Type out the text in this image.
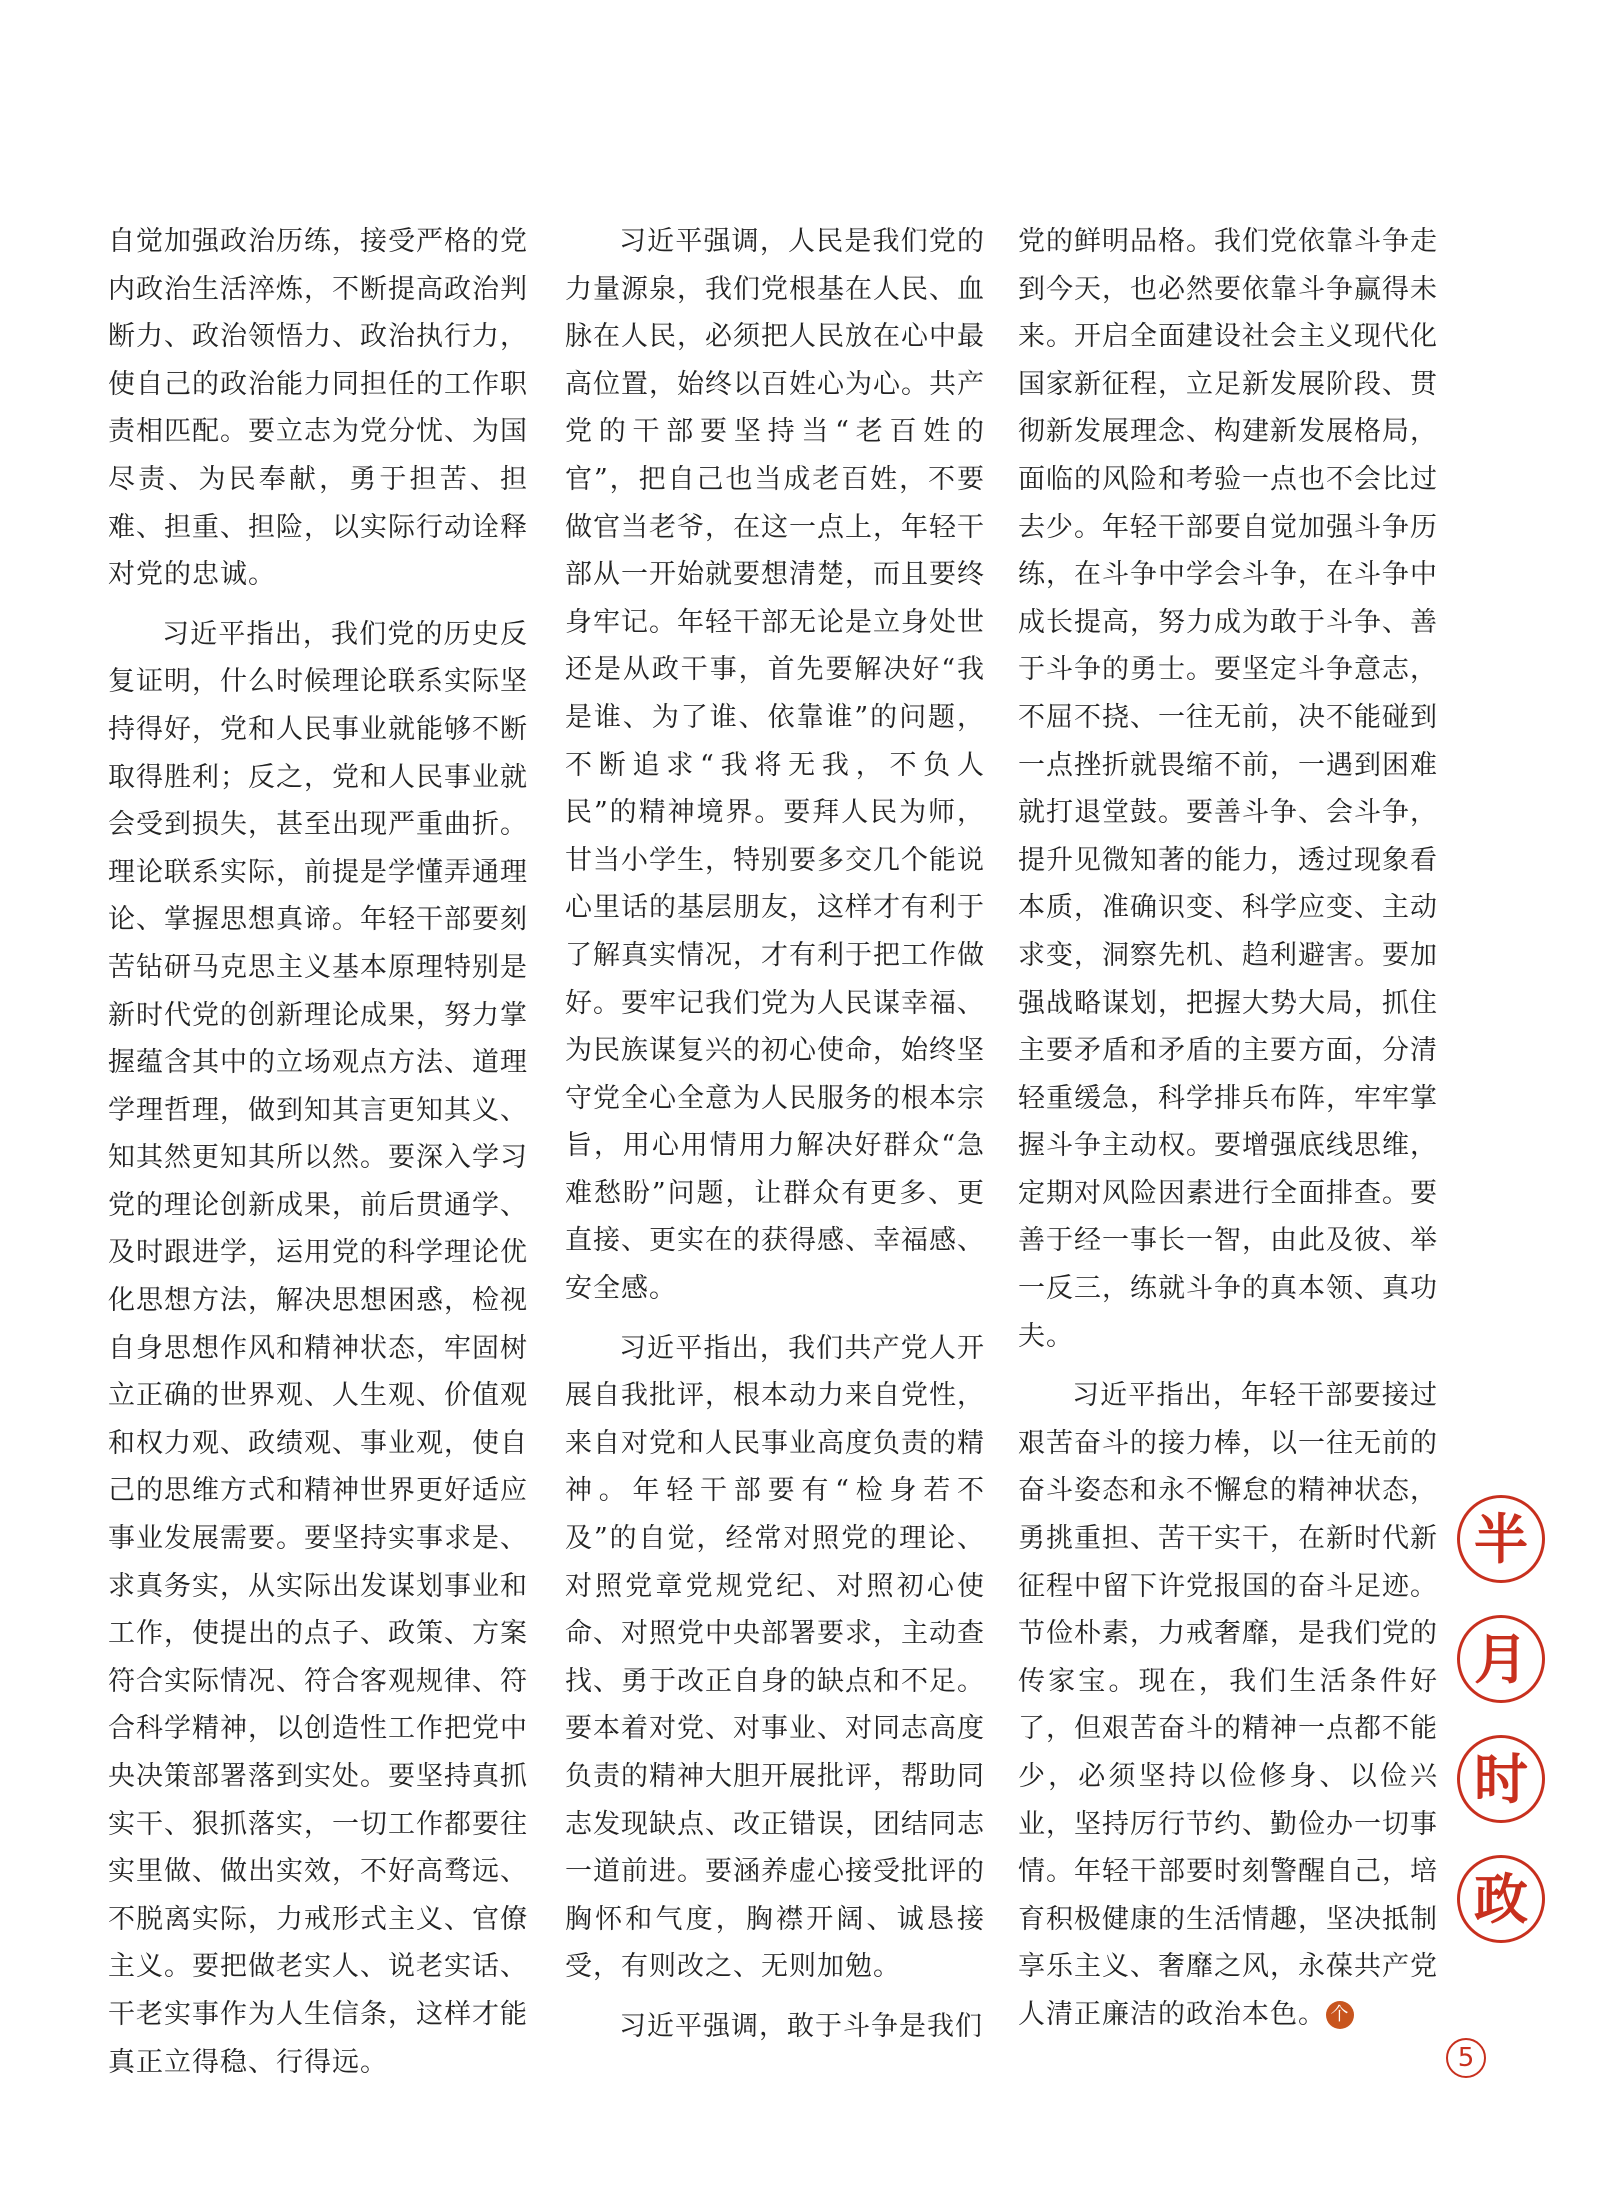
自觉加强政治历练，接受严格的党内政治生活淬炼，不断提高政治判断力、政治领悟力、政治执行力，使自己的政治能力同担任的工作职责相匹配。要立志为党分忧、为国尽责、为民奉献，勇于担苦、担难、担重、担险，以实际行动诠释对党的忠诚。

习近平指出，我们党的历史反复证明，什么时候理论联系实际坚持得好，党和人民事业就能够不断取得胜利；反之，党和人民事业就会受到损失，甚至出现严重曲折。理论联系实际，前提是学懂弄通理论、掌握思想真谛。年轻干部要刻苦钻研马克思主义基本原理特别是新时代党的创新理论成果，努力掌握蕴含其中的立场观点方法、道理学理哲理，做到知其言更知其义、知其然更知其所以然。要深入学习党的理论创新成果，前后贯通学、及时跟进学，运用党的科学理论优化思想方法，解决思想困惑，检视自身思想作风和精神状态，牢固树立正确的世界观、人生观、价值观和权力观、政绩观、事业观，使自己的思维方式和精神世界更好适应事业发展需要。要坚持实事求是、求真务实，从实际出发谋划事业和工作，使提出的点子、政策、方案符合实际情况、符合客观规律、符合科学精神，以创造性工作把党中央决策部署落到实处。要坚持真抓实干、狠抓落实，一切工作都要往实里做、做出实效，不好高骛远、不脱离实际，力戒形式主义、官僚主义。要把做老实人、说老实话、干老实事作为人生信条，这样才能真正立得稳、行得远。

习近平强调，人民是我们党的力量源泉，我们党根基在人民、血脉在人民，必须把人民放在心中最高位置，始终以百姓心为心。共产党的干部要坚持当“老百姓的官”，把自己也当成老百姓，不要做官当老爷，在这一点上，年轻干部从一开始就要想清楚，而且要终身牢记。年轻干部无论是立身处世还是从政干事，首先要解决好“我是谁、为了谁、依靠谁”的问题，不断追求“我将无我，不负人民”的精神境界。要拜人民为师，甘当小学生，特别要多交几个能说心里话的基层朋友，这样才有利于了解真实情况，才有利于把工作做好。要牢记我们党为人民谋幸福、为民族谋复兴的初心使命，始终坚守党全心全意为人民服务的根本宗旨，用心用情用力解决好群众“急难愁盼”问题，让群众有更多、更直接、更实在的获得感、幸福感、安全感。

习近平指出，我们共产党人开展自我批评，根本动力来自党性，来自对党和人民事业高度负责的精神。年轻干部要有“检身若不及”的自觉，经常对照党的理论、对照党章党规党纪、对照初心使命、对照党中央部署要求，主动查找、勇于改正自身的缺点和不足。要本着对党、对事业、对同志高度负责的精神大胆开展批评，帮助同志发现缺点、改正错误，团结同志一道前进。要涵养虚心接受批评的胸怀和气度，胸襟开阔、诚恳接受，有则改之、无则加勉。

习近平强调，敢于斗争是我们

党的鲜明品格。我们党依靠斗争走到今天，也必然要依靠斗争赢得未来。开启全面建设社会主义现代化国家新征程，立足新发展阶段、贯彻新发展理念、构建新发展格局，面临的风险和考验一点也不会比过去少。年轻干部要自觉加强斗争历练，在斗争中学会斗争，在斗争中成长提高，努力成为敢于斗争、善于斗争的勇士。要坚定斗争意志，不屈不挠、一往无前，决不能碰到一点挫折就畏缩不前，一遇到困难就打退堂鼓。要善斗争、会斗争，提升见微知著的能力，透过现象看本质，准确识变、科学应变、主动求变，洞察先机、趋利避害。要加强战略谋划，把握大势大局，抓住主要矛盾和矛盾的主要方面，分清轻重缓急，科学排兵布阵，牢牢掌握斗争主动权。要增强底线思维，定期对风险因素进行全面排查。要善于经一事长一智，由此及彼、举一反三，练就斗争的真本领、真功夫。

习近平指出，年轻干部要接过艰苦奋斗的接力棒，以一往无前的奋斗姿态和永不懈怠的精神状态，勇挑重担、苦干实干，在新时代新征程中留下许党报国的奋斗足迹。节俭朴素，力戒奢靡，是我们党的传家宝。现在，我们生活条件好了，但艰苦奋斗的精神一点都不能少，必须坚持以俭修身、以俭兴业，坚持厉行节约、勤俭办一切事情。年轻干部要时刻警醒自己，培育积极健康的生活情趣，坚决抵制享乐主义、奢靡之风，永葆共产党人清正廉洁的政治本色。 个

半
月
时
政
5
